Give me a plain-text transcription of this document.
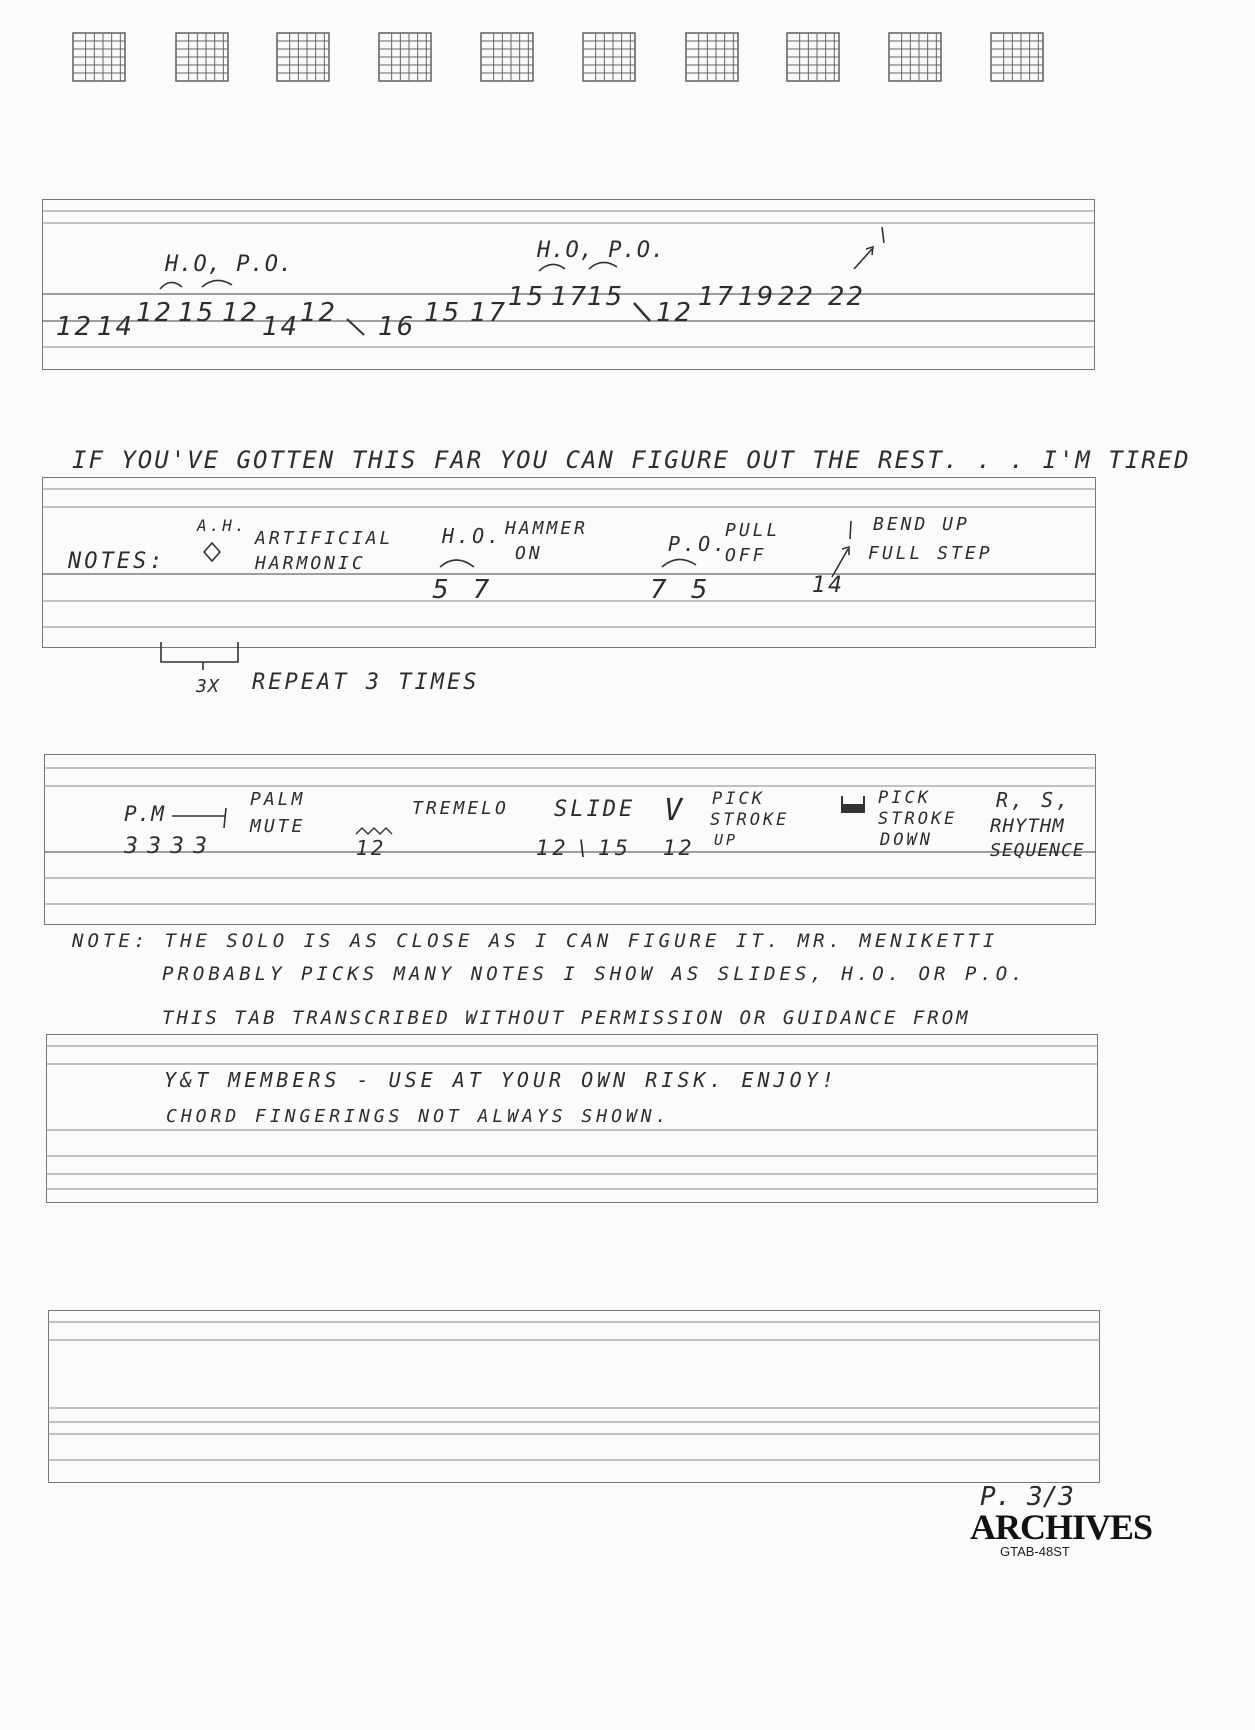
H.O, P.O.
H.O, P.O.
12 14 12 15 12 14 12 16 15 17
15 17
15
12
17 19 22 22
IF YOU'VE GOTTEN THIS FAR YOU CAN FIGURE OUT THE REST. . . I'M TIRED
NOTES:
A.H.
ARTIFICIAL
HARMONIC
H.O. HAMMER
ON
5 7
P.O.
PULL
OFF
7 5
BEND UP
FULL STEP
14
3X REPEAT 3 TIMES
P.M
PALM
MUTE
3 3 3 3
TREMELO
12
SLIDE
12 \ 15
V
12
PICK
STROKE
UP
PICK
STROKE
DOWN
R, S,
RHYTHM
SEQUENCE
NOTE: THE SOLO IS AS CLOSE AS I CAN FIGURE IT. MR. MENIKETTI
PROBABLY PICKS MANY NOTES I SHOW AS SLIDES, H.O. OR P.O.
THIS TAB TRANSCRIBED WITHOUT PERMISSION OR GUIDANCE FROM
Y&T MEMBERS - USE AT YOUR OWN RISK. ENJOY!
CHORD FINGERINGS NOT ALWAYS SHOWN.
P. 3/3
ARCHIVES
GTAB-48ST
